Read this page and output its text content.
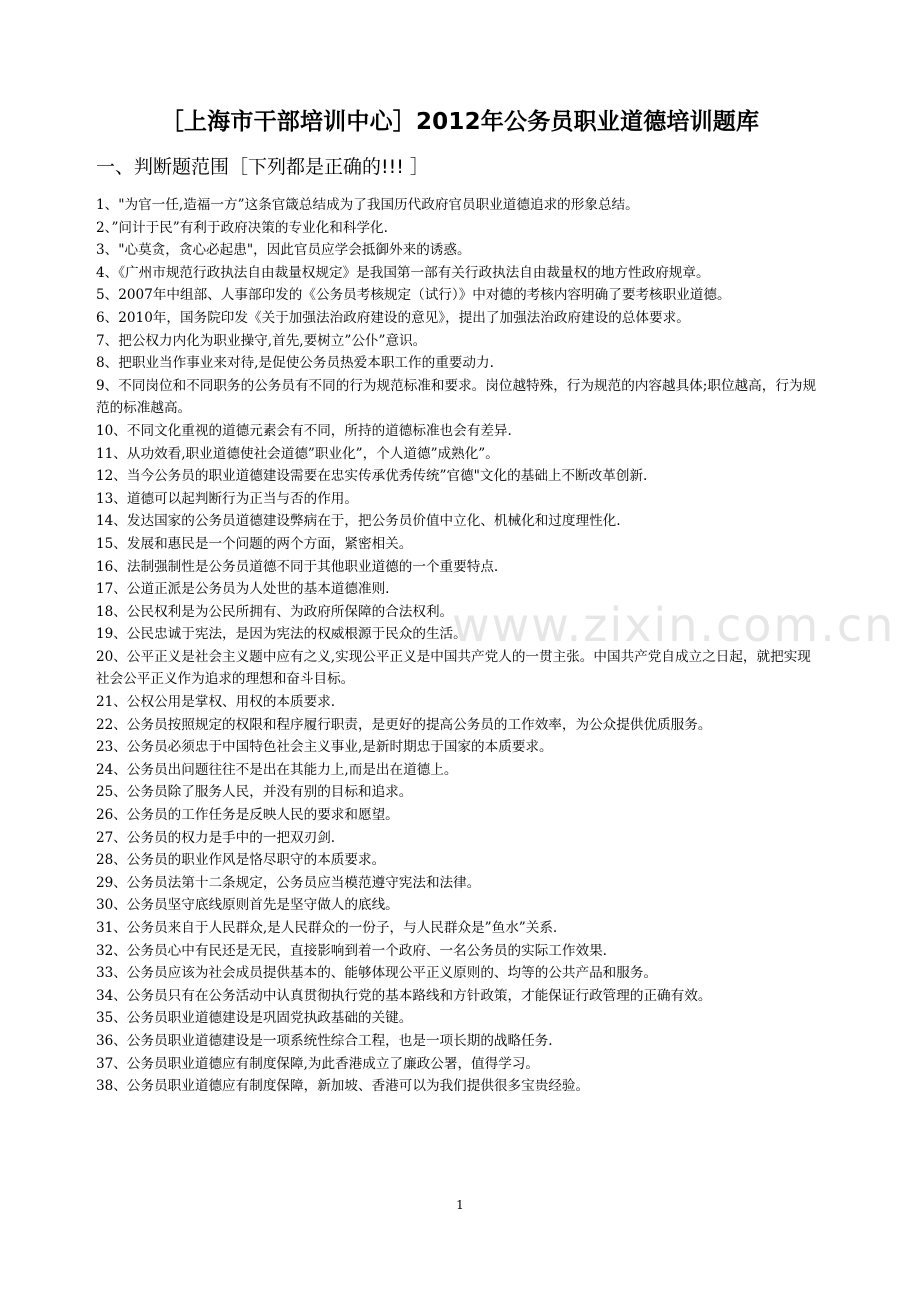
www.zixin.com.cn
［上海市干部培训中心］2012年公务员职业道德培训题库
一、判断题范围［下列都是正确的!!! ］
1、"为官一任,造福一方”这条官箴总结成为了我国历代政府官员职业道德追求的形象总结。
2、”问计于民”有利于政府决策的专业化和科学化.
3、"心莫贪，贪心必起患"，因此官员应学会抵御外来的诱惑。
4、《广州市规范行政执法自由裁量权规定》是我国第一部有关行政执法自由裁量权的地方性政府规章。
5、2007年中组部、人事部印发的《公务员考核规定（试行）》中对德的考核内容明确了要考核职业道德。
6、2010年，国务院印发《关于加强法治政府建设的意见》，提出了加强法治政府建设的总体要求。
7、把公权力内化为职业操守,首先,要树立”公仆”意识。
8、把职业当作事业来对待,是促使公务员热爱本职工作的重要动力.
9、不同岗位和不同职务的公务员有不同的行为规范标准和要求。岗位越特殊，行为规范的内容越具体;职位越高，行为规范的标准越高。
10、不同文化重视的道德元素会有不同，所持的道德标准也会有差异.
11、从功效看,职业道德使社会道德”职业化”，个人道德”成熟化”。
12、当今公务员的职业道德建设需要在忠实传承优秀传统”官德"文化的基础上不断改革创新.
13、道德可以起判断行为正当与否的作用。
14、发达国家的公务员道德建设弊病在于，把公务员价值中立化、机械化和过度理性化.
15、发展和惠民是一个问题的两个方面，紧密相关。
16、法制强制性是公务员道德不同于其他职业道德的一个重要特点.
17、公道正派是公务员为人处世的基本道德准则.
18、公民权利是为公民所拥有、为政府所保障的合法权利。
19、公民忠诚于宪法，是因为宪法的权威根源于民众的生活。
20、公平正义是社会主义题中应有之义,实现公平正义是中国共产党人的一贯主张。中国共产党自成立之日起，就把实现社会公平正义作为追求的理想和奋斗目标。
21、公权公用是掌权、用权的本质要求.
22、公务员按照规定的权限和程序履行职责，是更好的提高公务员的工作效率，为公众提供优质服务。
23、公务员必须忠于中国特色社会主义事业,是新时期忠于国家的本质要求。
24、公务员出问题往往不是出在其能力上,而是出在道德上。
25、公务员除了服务人民，并没有别的目标和追求。
26、公务员的工作任务是反映人民的要求和愿望。
27、公务员的权力是手中的一把双刃剑.
28、公务员的职业作风是恪尽职守的本质要求。
29、公务员法第十二条规定，公务员应当模范遵守宪法和法律。
30、公务员坚守底线原则首先是坚守做人的底线。
31、公务员来自于人民群众,是人民群众的一份子，与人民群众是”鱼水”关系.
32、公务员心中有民还是无民，直接影响到着一个政府、一名公务员的实际工作效果.
33、公务员应该为社会成员提供基本的、能够体现公平正义原则的、均等的公共产品和服务。
34、公务员只有在公务活动中认真贯彻执行党的基本路线和方针政策，才能保证行政管理的正确有效。
35、公务员职业道德建设是巩固党执政基础的关键。
36、公务员职业道德建设是一项系统性综合工程，也是一项长期的战略任务.
37、公务员职业道德应有制度保障,为此香港成立了廉政公署，值得学习。
38、公务员职业道德应有制度保障，新加坡、香港可以为我们提供很多宝贵经验。
1
